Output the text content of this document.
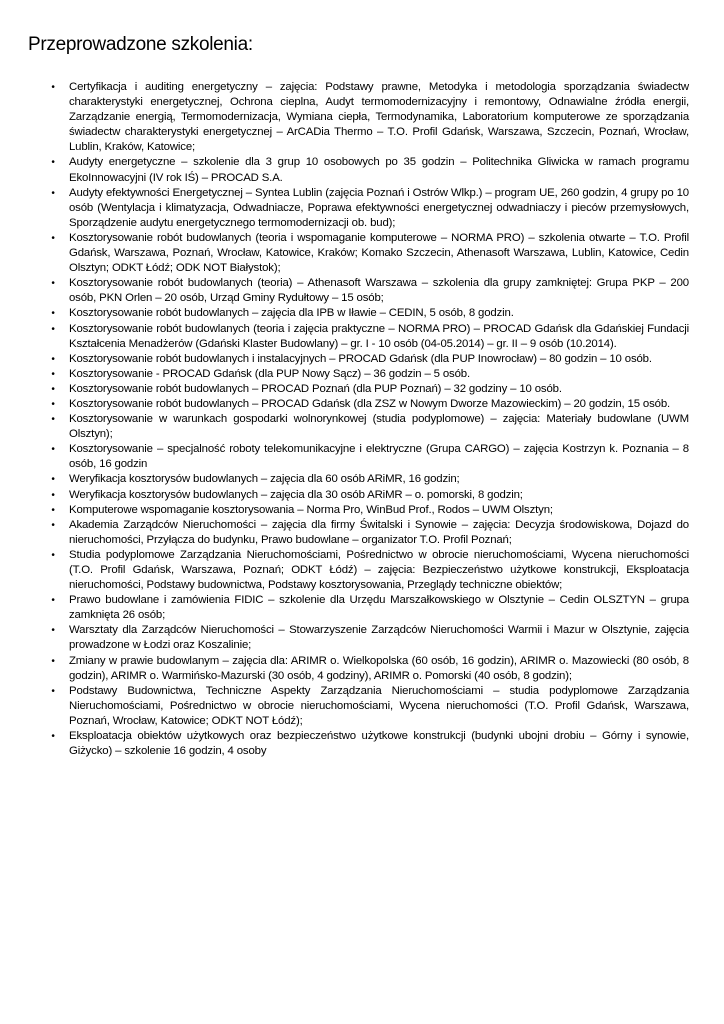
Przeprowadzone szkolenia:
•	Certyfikacja i auditing energetyczny – zajęcia: Podstawy prawne, Metodyka i metodologia sporządzania świadectw charakterystyki energetycznej, Ochrona cieplna, Audyt termomodernizacyjny i remontowy, Odnawialne źródła energii, Zarządzanie energią, Termomodernizacja, Wymiana ciepła, Termodynamika, Laboratorium komputerowe ze sporządzania świadectw charakterystyki energetycznej – ArCADia Thermo – T.O. Profil Gdańsk, Warszawa, Szczecin, Poznań, Wrocław, Lublin, Kraków, Katowice;
•	Audyty energetyczne – szkolenie dla 3 grup 10 osobowych po 35 godzin – Politechnika Gliwicka w ramach programu EkoInnowacyjni (IV rok IŚ) – PROCAD S.A.
•	Audyty efektywności Energetycznej – Syntea Lublin (zajęcia Poznań i Ostrów Wlkp.) – program UE, 260 godzin, 4 grupy po 10 osób (Wentylacja i klimatyzacja, Odwadniacze, Poprawa efektywności energetycznej odwadniaczy i pieców przemysłowych, Sporządzenie audytu energetycznego termomodernizacji ob. bud);
•	Kosztorysowanie robót budowlanych (teoria i wspomaganie komputerowe – NORMA PRO) – szkolenia otwarte – T.O. Profil Gdańsk, Warszawa, Poznań, Wrocław, Katowice, Kraków; Komako Szczecin, Athenasoft Warszawa, Lublin, Katowice, Cedin Olsztyn; ODKT Łódź; ODK NOT Białystok);
•	Kosztorysowanie robót budowlanych (teoria) – Athenasoft Warszawa – szkolenia dla grupy zamkniętej: Grupa PKP – 200 osób, PKN Orlen – 20 osób, Urząd Gminy Rydułtowy – 15 osób;
•	Kosztorysowanie robót budowlanych – zajęcia dla IPB w Iławie – CEDIN, 5 osób, 8 godzin.
•	Kosztorysowanie robót budowlanych (teoria i zajęcia praktyczne – NORMA PRO) – PROCAD Gdańsk dla Gdańskiej Fundacji Kształcenia Menadżerów (Gdański Klaster Budowlany) – gr. I - 10 osób (04-05.2014) – gr. II – 9 osób (10.2014).
•	Kosztorysowanie robót budowlanych i instalacyjnych – PROCAD Gdańsk (dla PUP Inowrocław) – 80 godzin – 10 osób.
•	Kosztorysowanie - PROCAD Gdańsk (dla PUP Nowy Sącz) – 36 godzin – 5 osób.
•	Kosztorysowanie robót budowlanych – PROCAD Poznań (dla PUP Poznań) – 32 godziny – 10 osób.
•	Kosztorysowanie robót budowlanych – PROCAD Gdańsk (dla ZSZ w Nowym Dworze Mazowieckim) – 20 godzin, 15 osób.
•	Kosztorysowanie w warunkach gospodarki wolnorynkowej (studia podyplomowe) – zajęcia: Materiały budowlane (UWM Olsztyn);
•	Kosztorysowanie – specjalność roboty telekomunikacyjne i elektryczne (Grupa CARGO) – zajęcia Kostrzyn k. Poznania – 8 osób, 16 godzin
•	Weryfikacja kosztorysów budowlanych – zajęcia dla 60 osób ARiMR, 16 godzin;
•	Weryfikacja kosztorysów budowlanych – zajęcia dla 30 osób ARiMR – o. pomorski, 8 godzin;
•	Komputerowe wspomaganie kosztorysowania – Norma Pro, WinBud Prof., Rodos – UWM Olsztyn;
•	Akademia Zarządców Nieruchomości – zajęcia dla firmy Świtalski i Synowie – zajęcia: Decyzja środowiskowa, Dojazd do nieruchomości, Przyłącza do budynku, Prawo budowlane – organizator T.O. Profil Poznań;
•	Studia podyplomowe Zarządzania Nieruchomościami, Pośrednictwo w obrocie nieruchomościami, Wycena nieruchomości (T.O. Profil Gdańsk, Warszawa, Poznań; ODKT Łódź) – zajęcia: Bezpieczeństwo użytkowe konstrukcji, Eksploatacja nieruchomości, Podstawy budownictwa, Podstawy kosztorysowania, Przeglądy techniczne obiektów;
•	Prawo budowlane i zamówienia FIDIC – szkolenie dla Urzędu Marszałkowskiego w Olsztynie – Cedin OLSZTYN – grupa zamknięta 26 osób;
•	Warsztaty dla Zarządców Nieruchomości – Stowarzyszenie Zarządców Nieruchomości Warmii i Mazur w Olsztynie, zajęcia prowadzone w Łodzi oraz Koszalinie;
•	Zmiany w prawie budowlanym – zajęcia dla: ARIMR o. Wielkopolska (60 osób, 16 godzin), ARIMR o. Mazowiecki (80 osób, 8 godzin), ARIMR o. Warmińsko-Mazurski (30 osób, 4 godziny), ARIMR o. Pomorski (40 osób, 8 godzin);
•	Podstawy Budownictwa, Techniczne Aspekty Zarządzania Nieruchomościami – studia podyplomowe Zarządzania Nieruchomościami, Pośrednictwo w obrocie nieruchomościami, Wycena nieruchomości (T.O. Profil Gdańsk, Warszawa, Poznań, Wrocław, Katowice; ODKT NOT Łódź);
•	Eksploatacja obiektów użytkowych oraz bezpieczeństwo użytkowe konstrukcji (budynki ubojni drobiu – Górny i synowie, Giżycko) – szkolenie 16 godzin, 4 osoby
